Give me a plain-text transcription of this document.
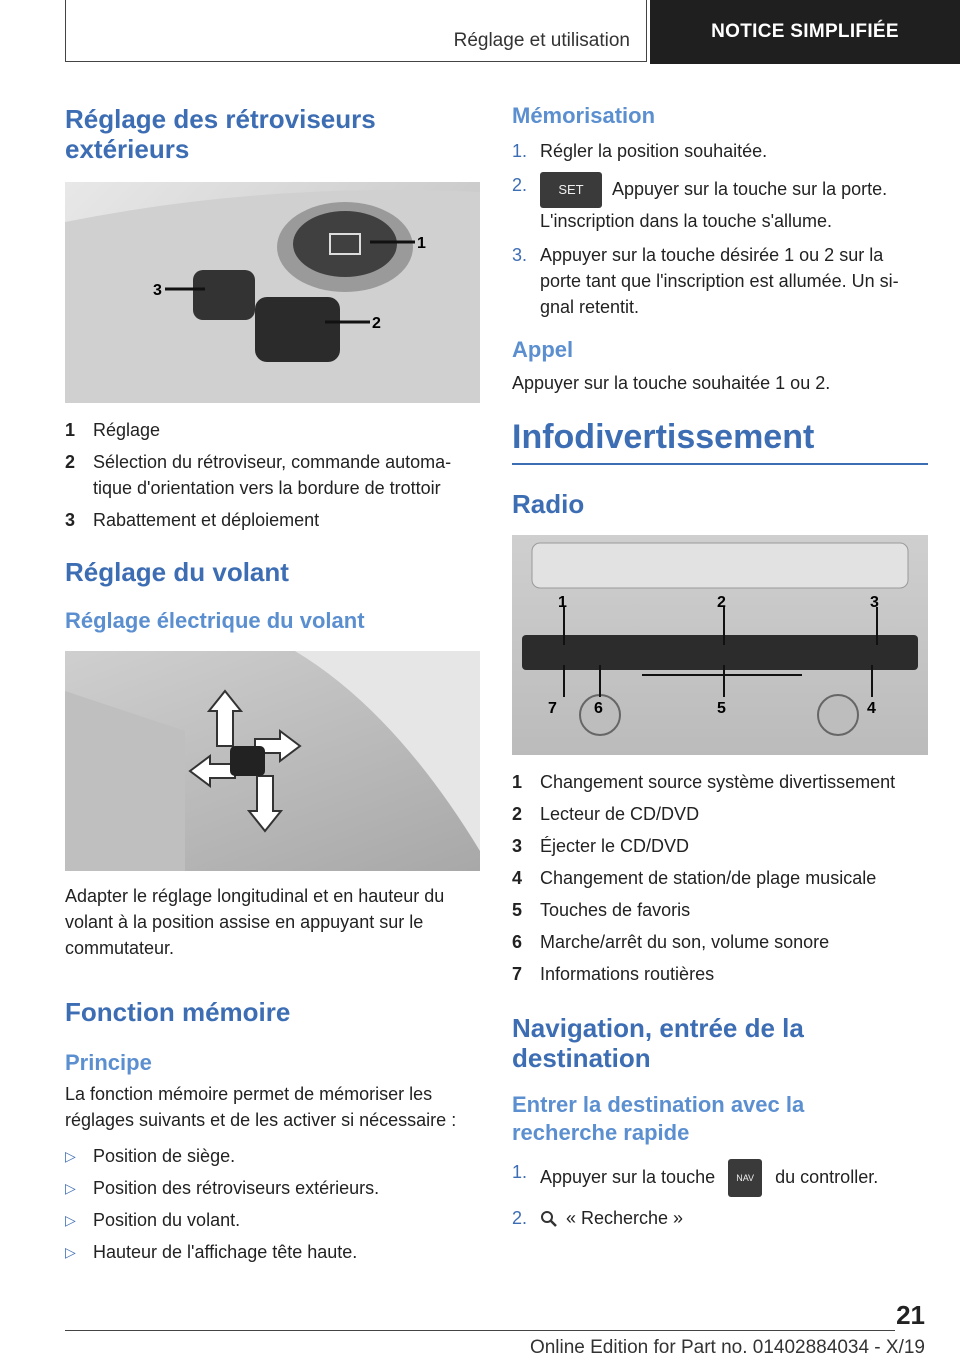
Réglage et utilisation	NOTICE SIMPLIFIÉE
Réglage des rétroviseurs
extérieurs
1
2
3
1 Réglage
2 Sélection du rétroviseur, commande automa-tique d'orientation vers la bordure de trottoir
3 Rabattement et déploiement
Réglage du volant
Réglage électrique du volant

Adapter le réglage longitudinal et en hauteur du volant à la position assise en appuyant sur le commutateur.

Fonction mémoire
Principe

La fonction mémoire permet de mémoriser les réglages suivants et de les activer si nécessaire :

▷ Position de siège.
▷ Position des rétroviseurs extérieurs.
▷ Position du volant.
▷ Hauteur de l'affichage tête haute.
Mémorisation
1. Régler la position souhaitée.
2.	SET Appuyer sur la touche sur la porte. L'inscription dans la touche s'allume.
3. Appuyer sur la touche désirée 1 ou 2 sur la porte tant que l'inscription est allumée. Un si-gnal retentit.
Appel

Appuyer sur la touche souhaitée 1 ou 2.

Infodivertissement
Radio
1	2	3
4
5
6
7
1 Changement source système divertissement
2 Lecteur de CD/DVD
3 Éjecter le CD/DVD
4 Changement de station/de plage musicale
5 Touches de favoris
6 Marche/arrêt du son, volume sonore
7 Informations routières
Navigation, entrée de la destination
Entrer la destination avec la
recherche rapide
1. Appuyer sur la touche NAV du controller.
2.	« Recherche »
21
Online Edition for Part no. 01402884034 - X/19
